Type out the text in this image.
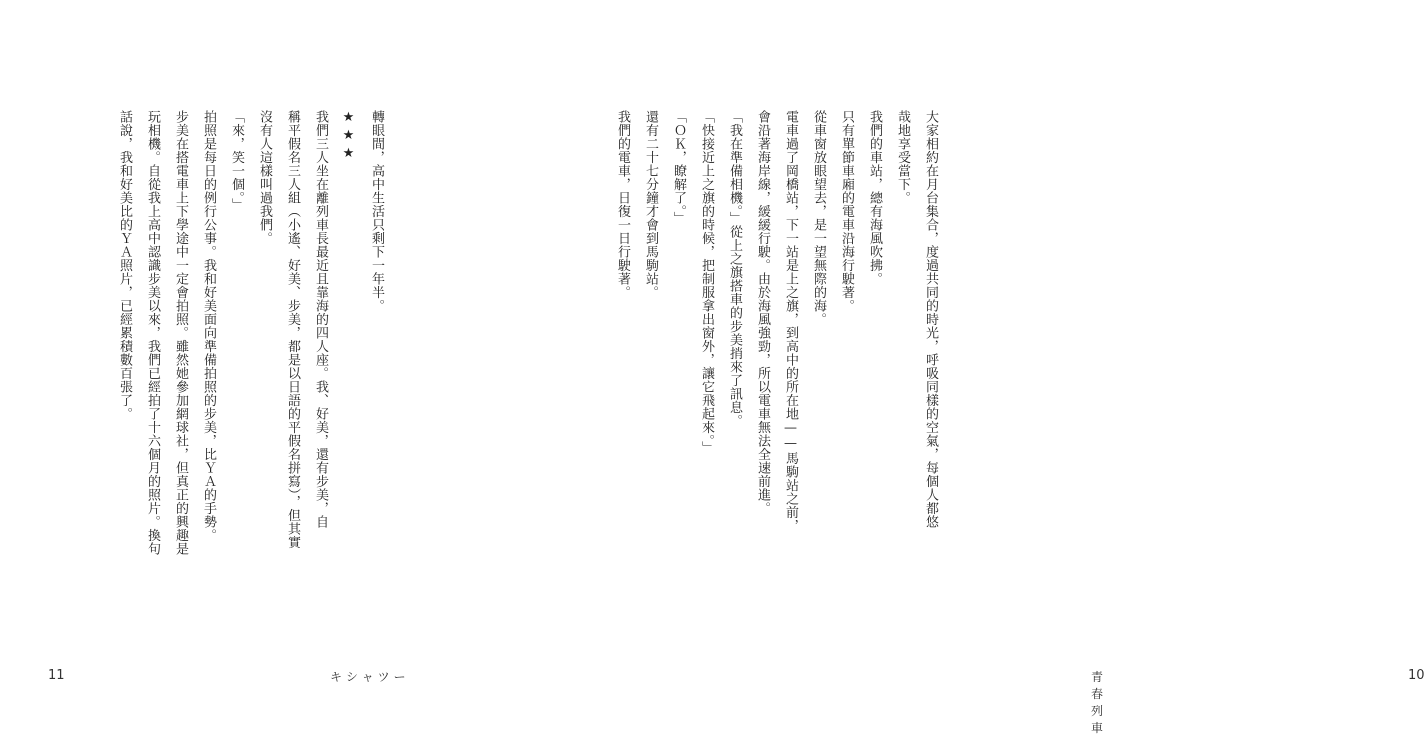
轉眼間，高中生活只剩下一年半。
★★★
我們三人坐在離列車長最近且靠海的四人座。我、好美，還有步美，自
稱平假名三人組（小遙、好美、步美，都是以日語的平假名拼寫），但其實
沒有人這樣叫過我們。
「來，笑一個。」
拍照是每日的例行公事。我和好美面向準備拍照的步美，比ＹＡ的手勢。
步美在搭電車上下學途中一定會拍照。雖然她參加網球社，但真正的興趣是
玩相機。自從我上高中認識步美以來，我們已經拍了十六個月的照片。換句
話說，我和好美比的ＹＡ照片，已經累積數百張了。
11	キシャツー
大家相約在月台集合，度過共同的時光，呼吸同樣的空氣，每個人都悠
哉地享受當下。
我們的車站，總有海風吹拂。
只有單節車廂的電車沿海行駛著。
從車窗放眼望去，是一望無際的海。
電車過了岡橋站，下一站是上之旗，到高中的所在地——馬駒站之前，
會沿著海岸線，緩緩行駛。由於海風強勁，所以電車無法全速前進。
「我在準備相機。」從上之旗搭車的步美捎來了訊息。
「快接近上之旗的時候，把制服拿出窗外，讓它飛起來。」
「ＯＫ，瞭解了。」
還有二十七分鐘才會到馬駒站。
我們的電車，日復一日行駛著。
青春列車
10
